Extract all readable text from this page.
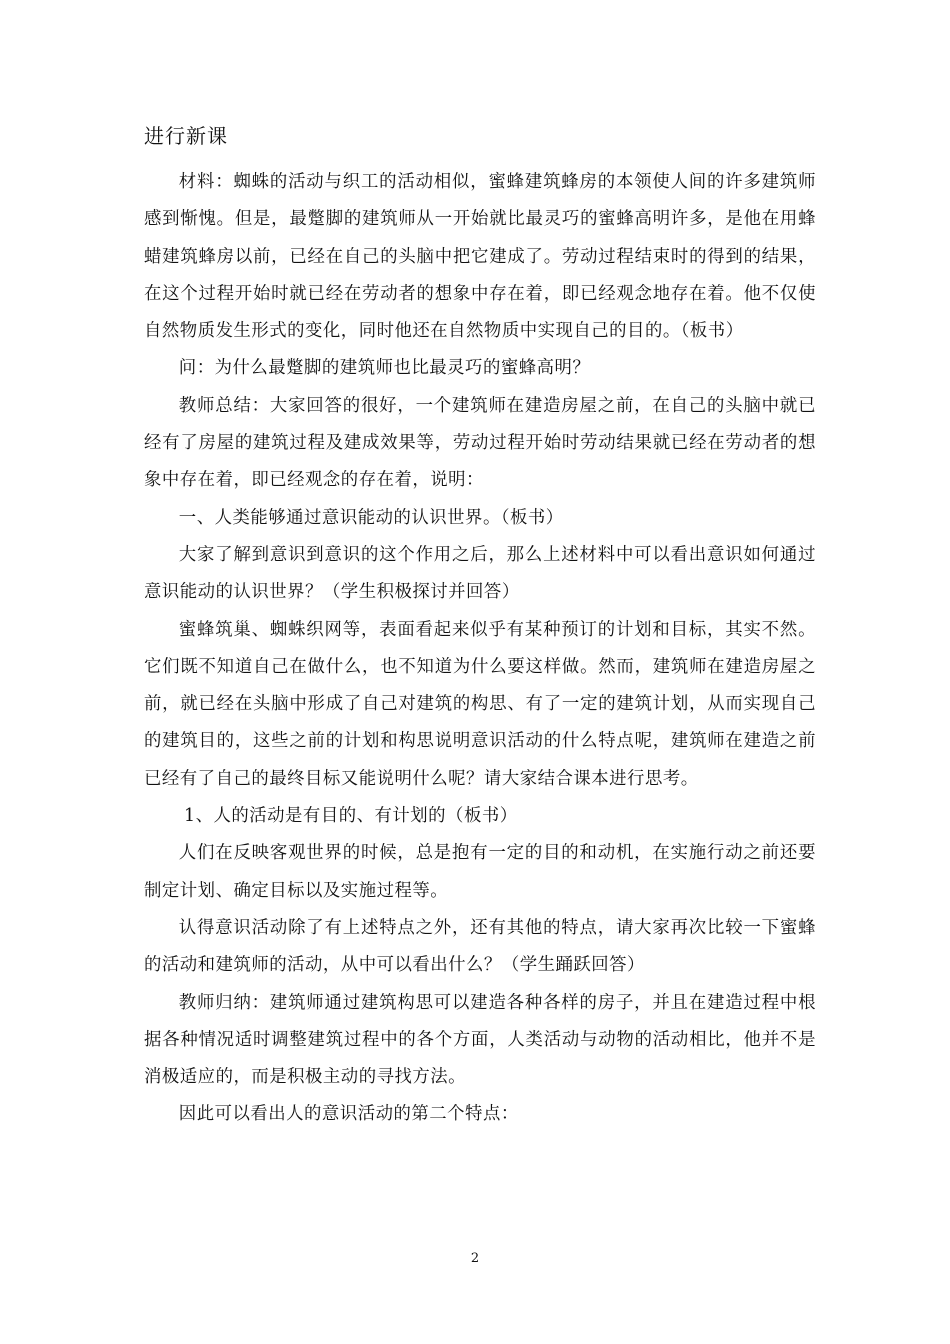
进行新课

材料：蜘蛛的活动与织工的活动相似，蜜蜂建筑蜂房的本领使人间的许多建筑师感到惭愧。但是，最蹩脚的建筑师从一开始就比最灵巧的蜜蜂高明许多，是他在用蜂蜡建筑蜂房以前，已经在自己的头脑中把它建成了。劳动过程结束时的得到的结果，在这个过程开始时就已经在劳动者的想象中存在着，即已经观念地存在着。他不仅使自然物质发生形式的变化，同时他还在自然物质中实现自己的目的。（板书）

问：为什么最蹩脚的建筑师也比最灵巧的蜜蜂高明？

教师总结：大家回答的很好，一个建筑师在建造房屋之前，在自己的头脑中就已经有了房屋的建筑过程及建成效果等，劳动过程开始时劳动结果就已经在劳动者的想象中存在着，即已经观念的存在着，说明：

一、人类能够通过意识能动的认识世界。（板书）

大家了解到意识到意识的这个作用之后，那么上述材料中可以看出意识如何通过意识能动的认识世界？（学生积极探讨并回答）

蜜蜂筑巢、蜘蛛织网等，表面看起来似乎有某种预订的计划和目标，其实不然。它们既不知道自己在做什么，也不知道为什么要这样做。然而，建筑师在建造房屋之前，就已经在头脑中形成了自己对建筑的构思、有了一定的建筑计划，从而实现自己的建筑目的，这些之前的计划和构思说明意识活动的什么特点呢，建筑师在建造之前已经有了自己的最终目标又能说明什么呢？请大家结合课本进行思考。

1、人的活动是有目的、有计划的（板书）

人们在反映客观世界的时候，总是抱有一定的目的和动机，在实施行动之前还要制定计划、确定目标以及实施过程等。

认得意识活动除了有上述特点之外，还有其他的特点，请大家再次比较一下蜜蜂的活动和建筑师的活动，从中可以看出什么？（学生踊跃回答）

教师归纳：建筑师通过建筑构思可以建造各种各样的房子，并且在建造过程中根据各种情况适时调整建筑过程中的各个方面，人类活动与动物的活动相比，他并不是消极适应的，而是积极主动的寻找方法。

因此可以看出人的意识活动的第二个特点：

2
